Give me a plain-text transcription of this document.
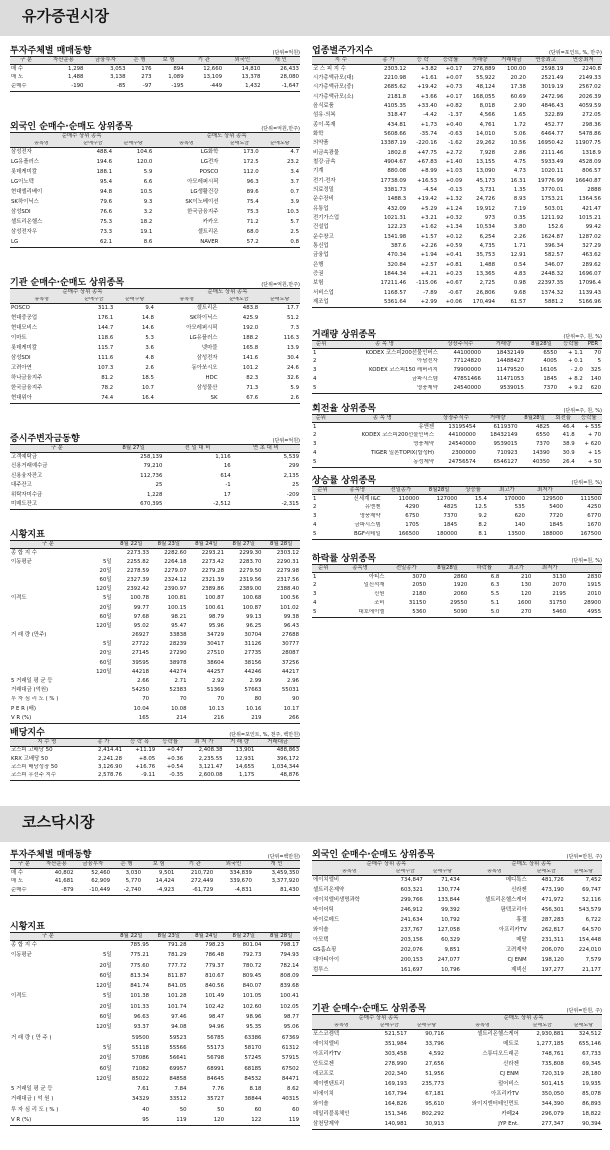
유가증권시장
투자주체별 매매동향	(단위=억원)
구 분	자산운용	금융투자	은 행	보 험	기 관	외국인	개 인
매 수	1,298	3,053	176	894	12,660	14,810	26,433
매 도	1,488	3,138	273	1,089	13,109	13,378	28,080
순매수	-190	-85	-97	-195	-449	1,432	-1,647
외국인 순매수·순매도 상위종목	(단위=억원,만주)
순매수 상위 종목			순매도 상위 종목		
종목명	순매수금	순매수량	종목명	순매도금	순매도량
삼성전자	488.4	104.6	LG화학	173.0	4.7
LG유플러스	194.6	120.0	LG전자	172.5	23.2
롯데케미칼	188.1	5.9	POSCO	112.0	3.4
LG이노텍	95.4	6.6	아모레퍼시픽	96.3	3.7
현대엘리베이	94.8	10.5	LG생활건강	89.6	0.7
SK하이닉스	79.6	9.3	SK이노베이션	75.4	3.9
삼성SDI	76.6	3.2	한국금융지주	75.3	10.3
셀트리온헬스	75.3	18.2	카카오	71.2	5.7
삼성전자우	73.3	19.1	셀트리온	68.0	2.5
LG	62.1	8.6	NAVER	57.2	0.8
기관 순매수·순매도 상위종목	(단위=억원,만주)
순매수 상위 종목			순매도 상위 종목		
종목명	순매수금	순매수량	종목명	순매도금	순매도량
POSCO	311.3	9.4	셀트리온	483.8	17.7
현대중공업	176.1	14.8	SK하이닉스	425.9	51.2
현대모비스	144.7	14.6	아모레퍼시픽	192.0	7.3
이마트	118.6	5.3	LG유플러스	188.2	116.3
롯데케미칼	115.7	3.6	넷마블	165.8	13.9
삼성SDI	111.6	4.8	삼성전자	141.6	30.4
고려아연	107.3	2.6	동아쏘시오	101.2	24.6
하나금융지주	81.2	18.5	HDC	82.3	32.6
한국금융지주	78.2	10.7	삼성물산	71.3	5.9
현대위아	74.4	16.4	SK	67.6	2.6
증시주변자금동향	(단위=억원)
구 분	8월 27일	전 일 대 비	연 초 대 비
고객예탁금	258,139	1,116	5,539
신용거래예수금	79,210	16	299
신용융자잔고	112,736	614	2,135
대주잔고	25	-1	25
위탁자미수금	1,228	17	-209
미매도잔고	670,395	-2,512	-2,315
시황지표
구 분		8월 22일	8월 23일	8월 24일	8월 27일	8월 28일
종 합 지 수		2273.33	2282.60	2293.21	2299.30	2303.12
이동평균	5일	2255.82	2264.18	2273.42	2283.70	2290.31
	20일	2278.59	2279.07	2279.28	2279.50	2279.98
	60일	2327.39	2324.12	2321.39	2319.56	2317.56
	120일	2392.42	2390.97	2389.86	2389.00	2388.40
이격도	5일	100.78	100.81	100.87	100.68	100.56
	20일	99.77	100.15	100.61	100.87	101.02
	60일	97.68	98.21	98.79	99.13	99.38
	120일	95.02	95.47	95.96	96.25	96.43
거 래 량 (만주)		26927	33838	34729	30704	27688
	5일	27722	28239	30417	31126	30777
	20일	27145	27290	27510	27735	28087
	60일	39595	38978	38604	38156	37256
	120일	44218	44274	44257	44246	44217
5 거래일 평 균 등		2.66	2.71	2.92	2.99	2.96
거래대금 (억원)		54250	52383	51369	57663	55031
투 자 심 리 도 ( % )		70	70	70	80	90
P E R (배)		10.04	10.08	10.13	10.16	10.17
V R (%)		165	214	216	219	266
배당지수	(단위=포인트, %, 천주, 백만원)
지 수 명	종 가	등 락 폭	등락률	최 저 가	거 래 량	거래대금
코스피 고배당 50	2,414.41	+11.19	+0.47	2,408.38	13,901	488,863
KRX 고배당 50	2,241.28	+8.05	+0.36	2,235.55	12,931	396,172
코스피 배당성장 50	3,126.90	+16.76	+0.54	3,121.47	14,655	1,034,344
코스피 우선주 지수	2,578.76	-9.11	-0.35	2,600.08	1,175	48,876
업종별주가지수	(단위=포인트, %, 만주)
지 수	종 가	등 락	등락률	거래량	거래대금	연중최고	연중최저
코 스 피 지 수	2303.12	+3.82	+0.17	276,889	100.00	2598.19	2240.8
시가총액규모(대)	2210.98	+1.61	+0.07	55,922	20.20	2521.49	2149.33
시가총액규모(중)	2685.62	+19.42	+0.73	48,124	17.38	3019.19	2567.02
시가총액규모(소)	2181.8	+3.66	+0.17	168,055	60.69	2472.96	2026.39
음식료품	4105.35	+33.40	+0.82	8,018	2.90	4846.43	4059.59
섬유·의복	318.47	-4.42	-1.37	4,566	1.65	322.89	272.05
종이·목재	434.81	+1.73	+0.40	4,761	1.72	452.77	298.36
화학	5608.66	-35.74	-0.63	14,010	5.06	6464.77	5478.86
의약품	13387.19	-220.16	-1.62	29,262	10.56	16950.42	11907.75
비금속광물	1802.8	+47.75	+2.72	7,928	2.86	2111.46	1318.9
철강·금속	4904.67	+67.83	+1.40	13,155	4.75	5933.49	4528.09
기계	880.08	+8.99	+1.03	13,090	4.73	1020.11	806.57
전기·전자	17738.09	+16.53	+0.09	45,173	16.31	19776.99	16640.87
의료정밀	3381.73	-4.54	-0.13	3,731	1.35	3770.01	2888
운수장비	1488.3	+19.42	+1.32	24,726	8.93	1753.21	1364.56
유통업	432.09	+5.29	+1.24	19,912	7.19	503.01	421.47
전기가스업	1021.31	+3.21	+0.32	973	0.35	1211.92	1015.21
건설업	122.23	+1.62	+1.34	10,534	3.80	152.6	99.42
운수창고	1341.98	+1.57	+0.12	6,254	2.26	1624.87	1287.02
통신업	387.6	+2.26	+0.59	4,735	1.71	396.34	327.29
금융업	470.34	+1.94	+0.41	35,753	12.91	582.57	463.62
은행	320.84	+2.57	+0.81	1,488	0.54	346.07	289.62
증권	1844.34	+4.21	+0.23	13,365	4.83	2448.32	1696.07
보험	17211.46	-115.06	+0.67	2,725	0.98	22397.35	17096.4
서비스업	1168.57	-7.89	-0.67	26,806	9.68	1374.32	1139.43
제조업	5361.64	+2.99	+0.06	170,494	61.57	5881.2	5166.96
거래량 상위종목	(단위=주, 원, %)
순위	종 목 명	상장주식수	거래량	8월28일	등락률	PER
1	KODEX 코스피200선물인버스	44100000	18432149	6550	+ 1.1	70
2	아남전자	77124820	14488427	4005	+ 0.1	5
3	KODEX 코스피150 레버리지	79900000	11479520	16105	- 2.0	325
4	금파시스템	47851466	11471053	1845	+ 8.2	140
5	영풍제약	24540000	9539015	7370	+ 9.2	620
회전율 상위종목	(단위=주, 원, %)
순위	종 목 명	상장주식수	거래량	8월28일	회전율	등락률
1	유앤젠	13195454	6119370	4825	46.4	+ 535
2	KODEX 코스피200선물인버스	44100000	18432149	6550	41.8	+ 70
3	영풍제약	24540000	9539015	7370	38.9	+ 620
4	TIGER 일본TOPIX(합성H)	2300000	710923	14390	30.9	+ 15
5	동성제약	24756574	6546127	40350	26.4	+ 50
상승률 상위종목	(단위=원, %)
순위	종목명	전일종가	8월28일	상승률	최고가	최저가	
1	신세계 I&C	110000	127000	15.4	170000	129500	111500
2	유엔젠	4290	4825	12.5	535	5400	4250
3	영풍제약	6750	7370	9.2	620	7720	6770
4	금파시스템	1705	1845	8.2	140	1845	1670
5	BGF리테일	166500	180000	8.1	13500	188000	167500
하락률 상위종목	(단위=원, %)
순위	종목명	전일종가	8월28일	하락률	최고가	최저가	
1	아티스	3070	2860	6.8	210	3130	2830
2	일신석재	2050	1920	6.3	130	2070	1915
3	신원	2180	2060	5.5	120	2195	2010
4	조비	31150	29550	5.1	1600	31750	28900
5	대호에이엘	5360	5090	5.0	270	5460	4955
코스닥시장
투자주체별 매매동향	(단위=백만원)
구 분	자산운용	금융투자	은 행	보 험	기 관	외국인	개 인
매 수	40,802	52,460	3,030	9,501	210,720	334,839	3,459,350
매 도	41,681	62,909	5,770	14,424	272,449	339,670	3,377,920
순매수	-879	-10,449	-2,740	-4,923	-61,729	-4,831	81,430
시황지표
구 분		8월 22일	8월 23일	8월 24일	8월 27일	8월 28일
종 합 지 수		785.95	791.28	798.23	801.04	798.17
이동평균	5일	775.21	781.29	786.48	792.73	794.93
	20일	775.60	777.72	779.37	780.72	782.14
	60일	813.34	811.87	810.67	809.45	808.09
	120일	841.74	841.05	840.56	840.07	839.68
이격도	5일	101.38	101.28	101.49	101.05	100.41
	20일	101.33	101.74	102.42	102.60	102.05
	60일	96.63	97.46	98.47	98.96	98.77
	120일	93.37	94.08	94.96	95.35	95.06
거 래 량 ( 만 주 )		59500	59523	56785	63386	67369
	5일	55118	55566	55173	58170	61312
	20일	57086	56641	56798	57245	57915
	60일	71082	69957	68991	68185	67502
	120일	85022	84858	84645	84532	84471
5 거래일 평 균 등		7.61	7.84	7.76	8.18	8.62
거래대금 ( 억 원 )		34329	33512	35727	38844	40315
투 자 심 리 도 ( % )		40	50	50	60	60
V R (%)		95	119	120	122	119
외국인 순매수·순매도 상위종목	(단위=만원, 주)
순매수 상위 종목			순매도 상위 종목		
종목명	순매수금	순매수량	종목명	순매도금	순매도량
에이치엘비	734,847	71,434	메디톡스	481,726	7,452
셀트리온제약	603,321	130,774	신라젠	473,190	69,747
에이치엘비생명과학	299,766	133,844	셀트리온헬스케어	471,972	52,116
바이어틱	246,912	99,392	팜텍코리아	456,301	543,579
바이로메드	241,634	10,792	휴젤	287,283	6,722
와이솔	237,767	127,058	아프리카TV	262,817	64,570
아모텍	203,156	60,329	메탈	231,311	154,448
GS홈쇼핑	202,076	9,851	고려제약	206,070	224,010
대아티아이	200,153	247,077	CJ ENM	198,120	7,579
컴투스	161,697	10,796	제넥신	197,277	21,177
기관 순매수·순매도 상위종목	(단위=만원, 주)
순매수 상위 종목			순매도 상위 종목		
종목명	순매수금	순매수량	종목명	순매도금	순매도량
포스코켐텍	521,517	90,716	셀트리온헬스케어	2,930,881	324,512
에이치엘비	351,984	33,796	메트로	1,277,185	655,146
아프리카TV	303,458	4,592	스튜디오드래곤	748,761	67,733
안트로젠	278,990	27,656	신라젠	735,808	69,345
에코프로	202,340	51,956	CJ ENM	720,319	28,180
제이엔텐트리	169,193	235,773	펄어비스	501,415	19,935
비에이치	167,794	67,181	아프리카TV	350,050	85,078
와이솔	164,826	95,610	와이지엔터테인먼트	344,390	86,893
데일리블록체인	151,346	802,292	카페24	296,079	18,822
삼천당제약	140,981	30,913	JYP Ent.	277,347	90,394
